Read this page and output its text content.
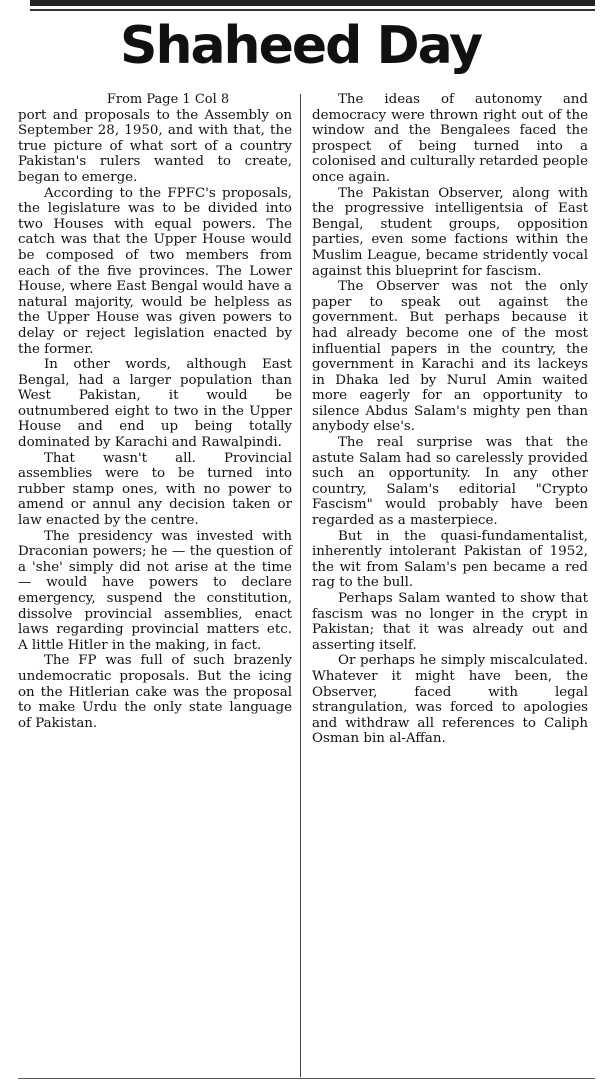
Shaheed Day

From Page 1 Col 8

port and proposals to the Assembly on September 28, 1950, and with that, the true picture of what sort of a country Pakistan's rulers wanted to create, began to emerge.

According to the FPFC's proposals, the legislature was to be divided into two Houses with equal powers. The catch was that the Upper House would be composed of two members from each of the five provinces. The Lower House, where East Bengal would have a natural majority, would be helpless as the Upper House was given powers to delay or reject legislation enacted by the former.

In other words, although East Bengal, had a larger population than West Pakistan, it would be outnumbered eight to two in the Upper House and end up being totally dominated by Karachi and Rawalpindi.

That wasn't all. Provincial assemblies were to be turned into rubber stamp ones, with no power to amend or annul any decision taken or law enacted by the centre.

The presidency was invested with Draconian powers; he — the question of a 'she' simply did not arise at the time — would have powers to declare emergency, suspend the constitution, dissolve provincial assemblies, enact laws regarding provincial matters etc. A little Hitler in the making, in fact.

The FP was full of such brazenly undemocratic proposals. But the icing on the Hitlerian cake was the proposal to make Urdu the only state language of Pakistan.

The ideas of autonomy and democracy were thrown right out of the window and the Bengalees faced the prospect of being turned into a colonised and culturally retarded people once again.

The Pakistan Observer, along with the progressive intelligentsia of East Bengal, student groups, opposition parties, even some factions within the Muslim League, became stridently vocal against this blueprint for fascism.

The Observer was not the only paper to speak out against the government. But perhaps because it had already become one of the most influential papers in the country, the government in Karachi and its lackeys in Dhaka led by Nurul Amin waited more eagerly for an opportunity to silence Abdus Salam's mighty pen than anybody else's.

The real surprise was that the astute Salam had so carelessly provided such an opportunity. In any other country, Salam's editorial "Crypto Fascism" would probably have been regarded as a masterpiece.

But in the quasi-fundamentalist, inherently intolerant Pakistan of 1952, the wit from Salam's pen became a red rag to the bull.

Perhaps Salam wanted to show that fascism was no longer in the crypt in Pakistan; that it was already out and asserting itself.

Or perhaps he simply miscalculated. Whatever it might have been, the Observer, faced with legal strangulation, was forced to apologies and withdraw all references to Caliph Osman bin al-Affan.
